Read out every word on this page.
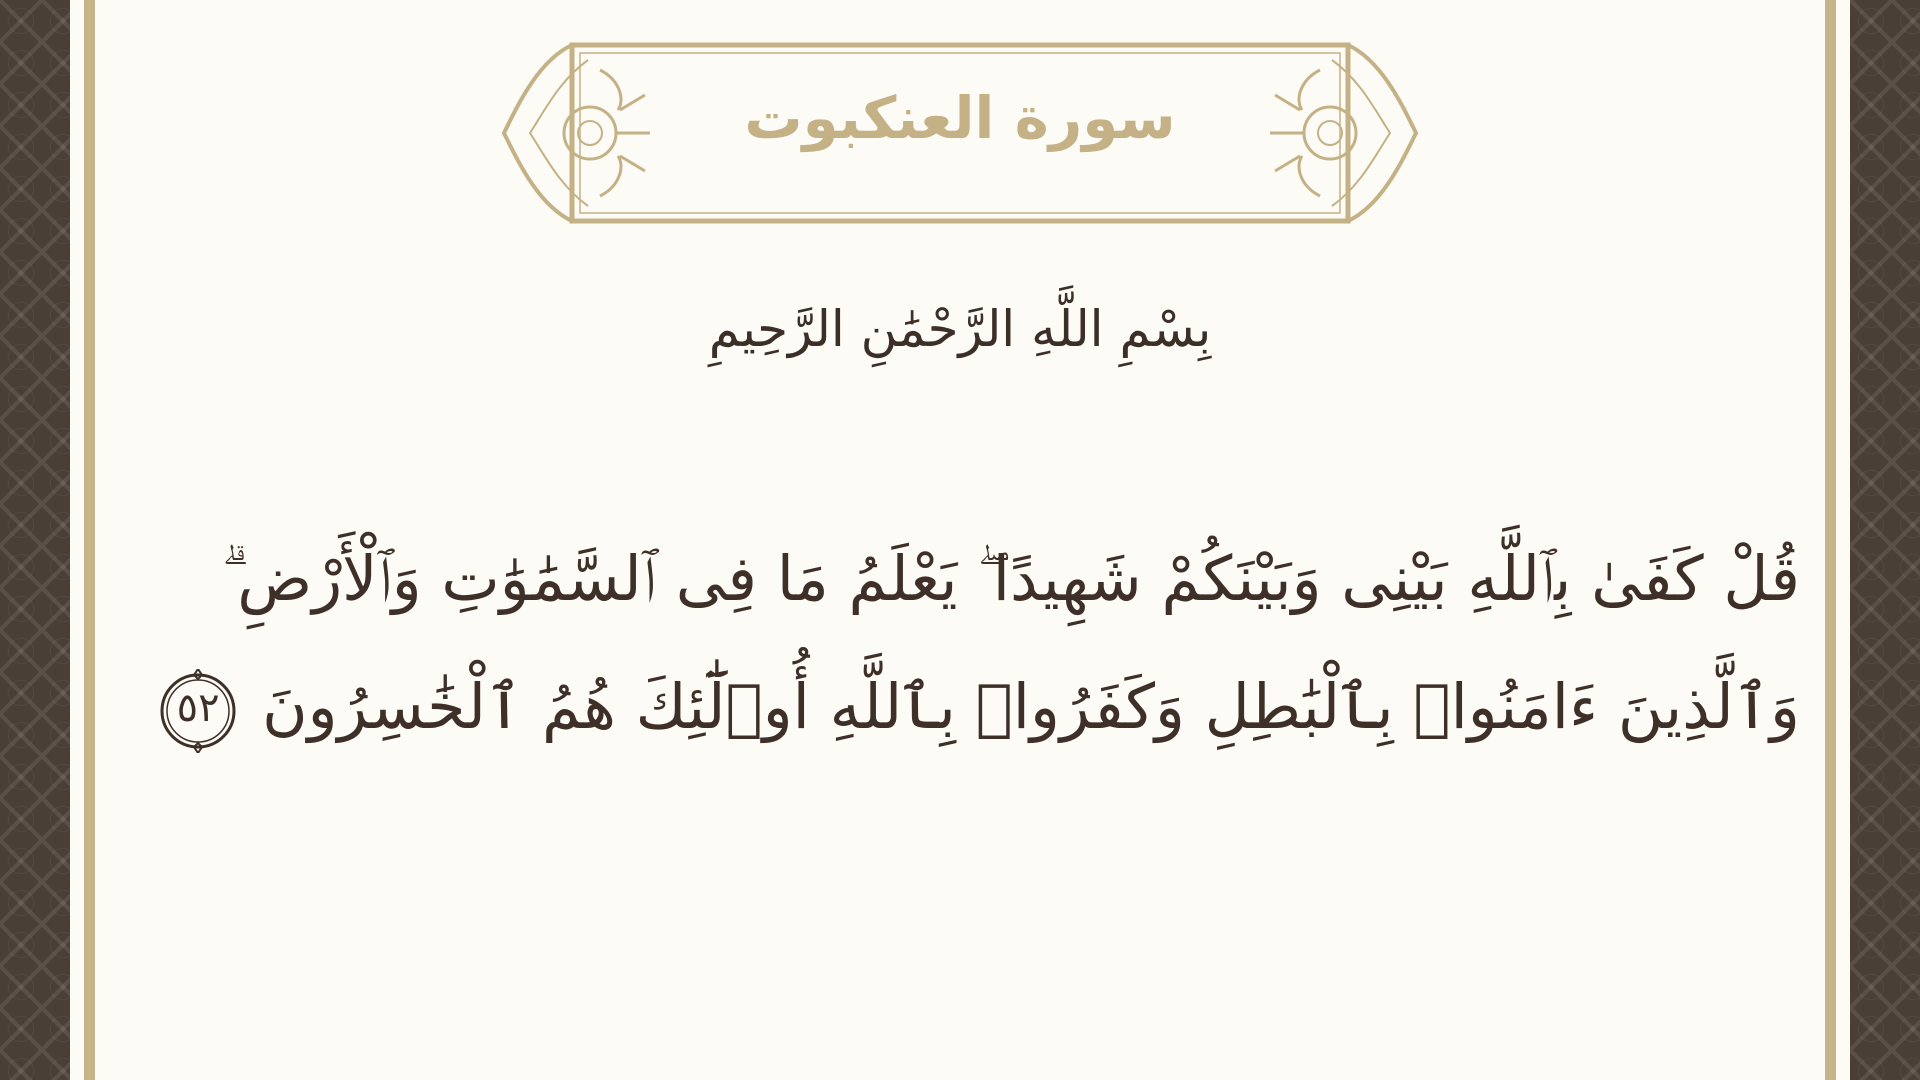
سورة العنكبوت
بِسْمِ اللَّهِ الرَّحْمَٰنِ الرَّحِيمِ
قُلْ كَفَىٰ بِٱللَّهِ بَيْنِى وَبَيْنَكُمْ شَهِيدًا ۖ يَعْلَمُ مَا فِى ٱلسَّمَٰوَٰتِ وَٱلْأَرْضِ ۗ
وَٱلَّذِينَ ءَامَنُوا۟ بِٱلْبَٰطِلِ وَكَفَرُوا۟ بِٱللَّهِ أُو۟لَٰٓئِكَ هُمُ ٱلْخَٰسِرُونَ
٥٢
